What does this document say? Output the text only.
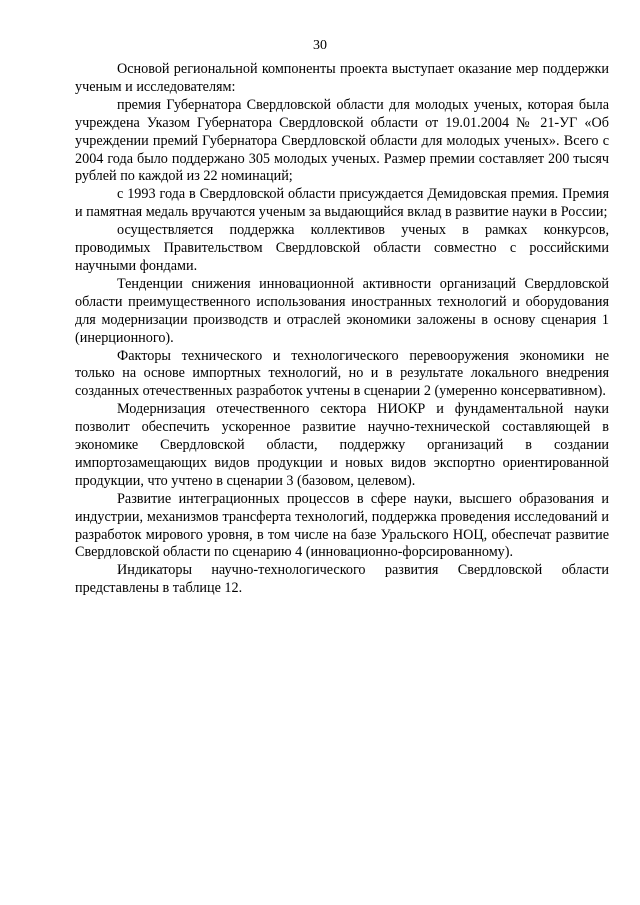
30

Основой региональной компоненты проекта выступает оказание мер поддержки ученым и исследователям:

премия Губернатора Свердловской области для молодых ученых, которая была учреждена Указом Губернатора Свердловской области от 19.01.2004 № 21-УГ «Об учреждении премий Губернатора Свердловской области для молодых ученых». Всего с 2004 года было поддержано 305 молодых ученых. Размер премии составляет 200 тысяч рублей по каждой из 22 номинаций;

с 1993 года в Свердловской области присуждается Демидовская премия. Премия и памятная медаль вручаются ученым за выдающийся вклад в развитие науки в России;

осуществляется поддержка коллективов ученых в рамках конкурсов, проводимых Правительством Свердловской области совместно с российскими научными фондами.

Тенденции снижения инновационной активности организаций Свердловской области преимущественного использования иностранных технологий и оборудования для модернизации производств и отраслей экономики заложены в основу сценария 1 (инерционного).

Факторы технического и технологического перевооружения экономики не только на основе импортных технологий, но и в результате локального внедрения созданных отечественных разработок учтены в сценарии 2 (умеренно консервативном).

Модернизация отечественного сектора НИОКР и фундаментальной науки позволит обеспечить ускоренное развитие научно-технической составляющей в экономике Свердловской области, поддержку организаций в создании импортозамещающих видов продукции и новых видов экспортно ориентированной продукции, что учтено в сценарии 3 (базовом, целевом).

Развитие интеграционных процессов в сфере науки, высшего образования и индустрии, механизмов трансферта технологий, поддержка проведения исследований и разработок мирового уровня, в том числе на базе Уральского НОЦ, обеспечат развитие Свердловской области по сценарию 4 (инновационно-форсированному).

Индикаторы научно-технологического развития Свердловской области представлены в таблице 12.
